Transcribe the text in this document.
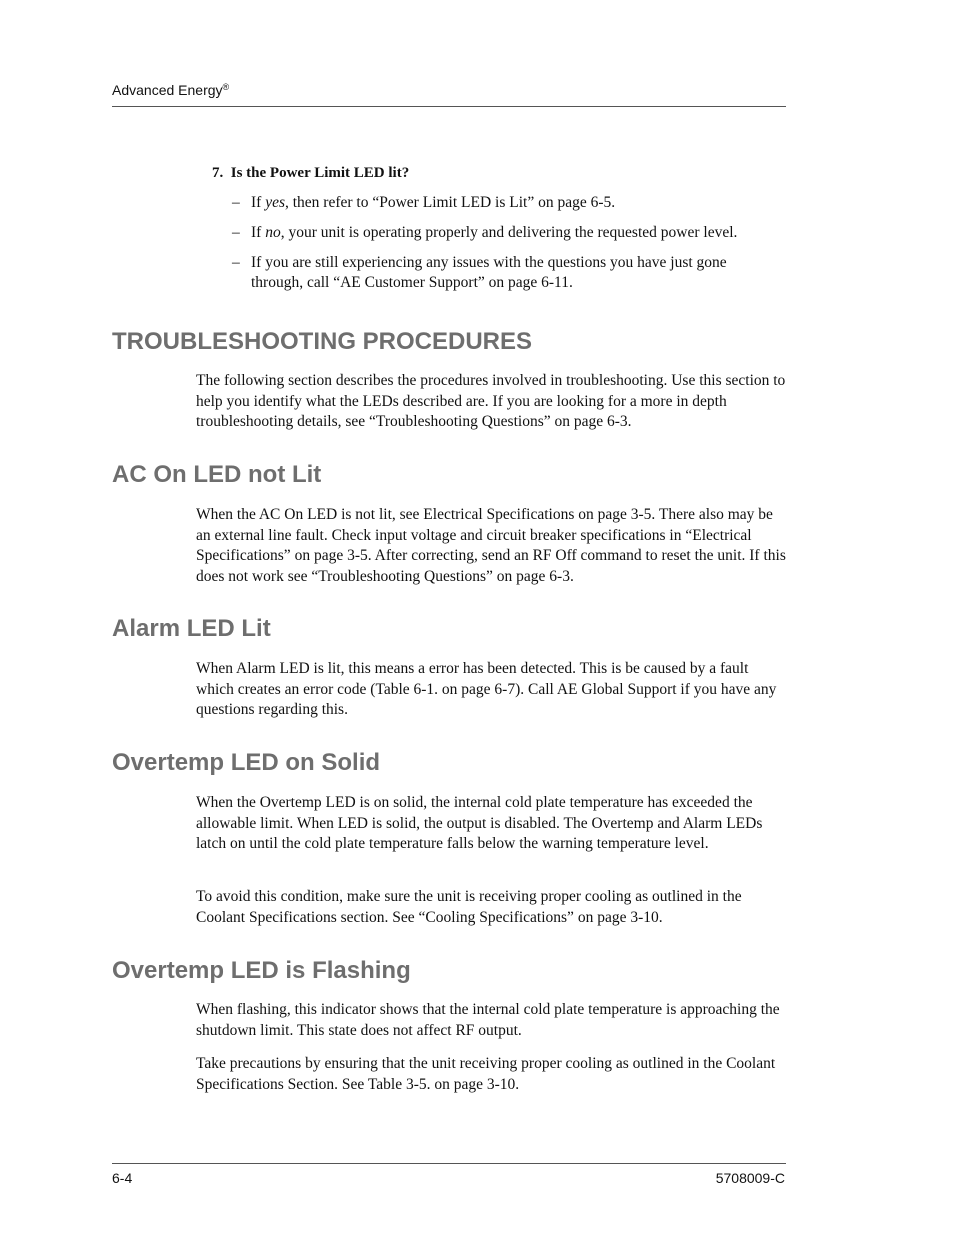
Advanced Energy®
7. Is the Power Limit LED lit?
– If yes, then refer to “Power Limit LED is Lit” on page 6-5.
– If no, your unit is operating properly and delivering the requested power level.
– If you are still experiencing any issues with the questions you have just gone through, call “AE Customer Support” on page 6-11.
TROUBLESHOOTING PROCEDURES

The following section describes the procedures involved in troubleshooting. Use this section to help you identify what the LEDs described are. If you are looking for a more in depth troubleshooting details, see “Troubleshooting Questions” on page 6-3.

AC On LED not Lit

When the AC On LED is not lit, see Electrical Specifications on page 3-5. There also may be an external line fault. Check input voltage and circuit breaker specifications in “Electrical Specifications” on page 3-5. After correcting, send an RF Off command to reset the unit. If this does not work see “Troubleshooting Questions” on page 6-3.

Alarm LED Lit

When Alarm LED is lit, this means a error has been detected. This is be caused by a fault which creates an error code (Table 6-1. on page 6-7). Call AE Global Support if you have any questions regarding this.

Overtemp LED on Solid

When the Overtemp LED is on solid, the internal cold plate temperature has exceeded the allowable limit. When LED is solid, the output is disabled. The Overtemp and Alarm LEDs latch on until the cold plate temperature falls below the warning temperature level.

To avoid this condition, make sure the unit is receiving proper cooling as outlined in the Coolant Specifications section. See “Cooling Specifications” on page 3-10.

Overtemp LED is Flashing

When flashing, this indicator shows that the internal cold plate temperature is approaching the shutdown limit. This state does not affect RF output.

Take precautions by ensuring that the unit receiving proper cooling as outlined in the Coolant Specifications Section. See Table 3-5. on page 3-10.

6-4	5708009-C
